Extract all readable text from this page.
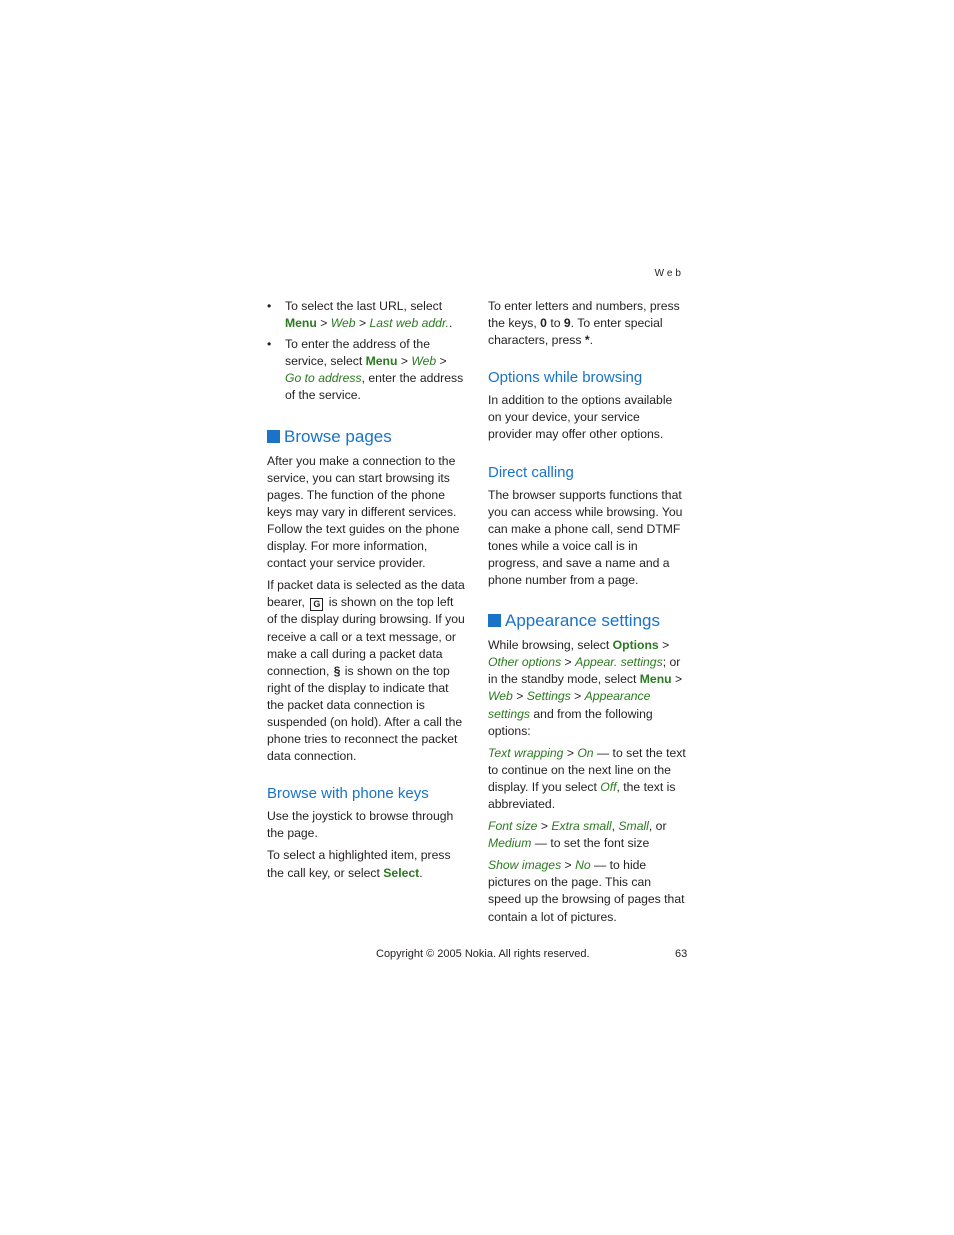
Web
• To select the last URL, select Menu > Web > Last web addr..
• To enter the address of the service, select Menu > Web > Go to address, enter the address of the service.
Browse pages

After you make a connection to the service, you can start browsing its pages. The function of the phone keys may vary in different services. Follow the text guides on the phone display. For more information, contact your service provider.

If packet data is selected as the data bearer, G is shown on the top left of the display during browsing. If you receive a call or a text message, or make a call during a packet data connection, § is shown on the top right of the display to indicate that the packet data connection is suspended (on hold). After a call the phone tries to reconnect the packet data connection.

Browse with phone keys

Use the joystick to browse through the page.

To select a highlighted item, press the call key, or select Select.

To enter letters and numbers, press the keys, 0 to 9. To enter special characters, press *.

Options while browsing

In addition to the options available on your device, your service provider may offer other options.

Direct calling

The browser supports functions that you can access while browsing. You can make a phone call, send DTMF tones while a voice call is in progress, and save a name and a phone number from a page.

Appearance settings

While browsing, select Options > Other options > Appear. settings; or in the standby mode, select Menu > Web > Settings > Appearance settings and from the following options:

Text wrapping > On — to set the text to continue on the next line on the display. If you select Off, the text is abbreviated.

Font size > Extra small, Small, or Medium — to set the font size

Show images > No — to hide pictures on the page. This can speed up the browsing of pages that contain a lot of pictures.

Copyright © 2005 Nokia. All rights reserved.	63
